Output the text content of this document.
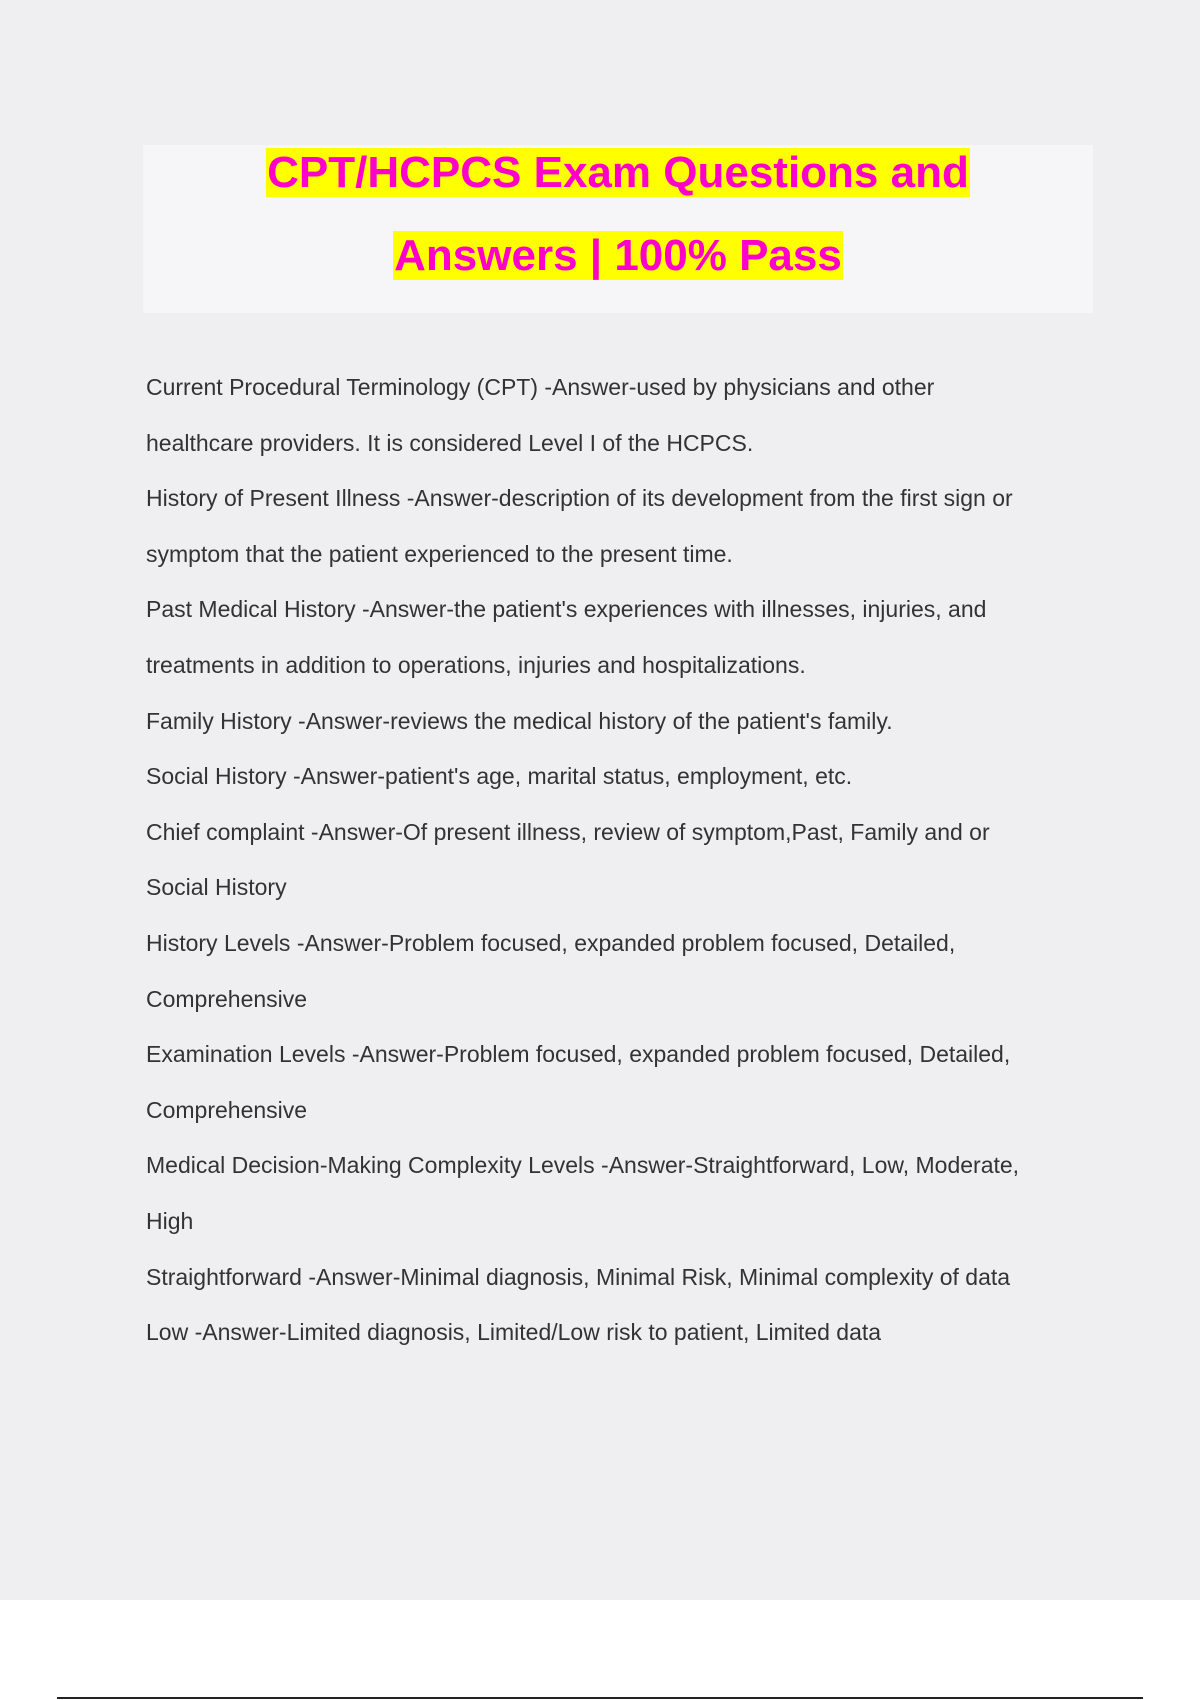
CPT/HCPCS Exam Questions and
Answers | 100% Pass
Current Procedural Terminology (CPT) -Answer-used by physicians and other
healthcare providers. It is considered Level I of the HCPCS.
History of Present Illness -Answer-description of its development from the first sign or
symptom that the patient experienced to the present time.
Past Medical History -Answer-the patient's experiences with illnesses, injuries, and
treatments in addition to operations, injuries and hospitalizations.
Family History -Answer-reviews the medical history of the patient's family.
Social History -Answer-patient's age, marital status, employment, etc.
Chief complaint -Answer-Of present illness, review of symptom,Past, Family and or
Social History
History Levels -Answer-Problem focused, expanded problem focused, Detailed,
Comprehensive
Examination Levels -Answer-Problem focused, expanded problem focused, Detailed,
Comprehensive
Medical Decision-Making Complexity Levels -Answer-Straightforward, Low, Moderate,
High
Straightforward -Answer-Minimal diagnosis, Minimal Risk, Minimal complexity of data
Low -Answer-Limited diagnosis, Limited/Low risk to patient, Limited data
